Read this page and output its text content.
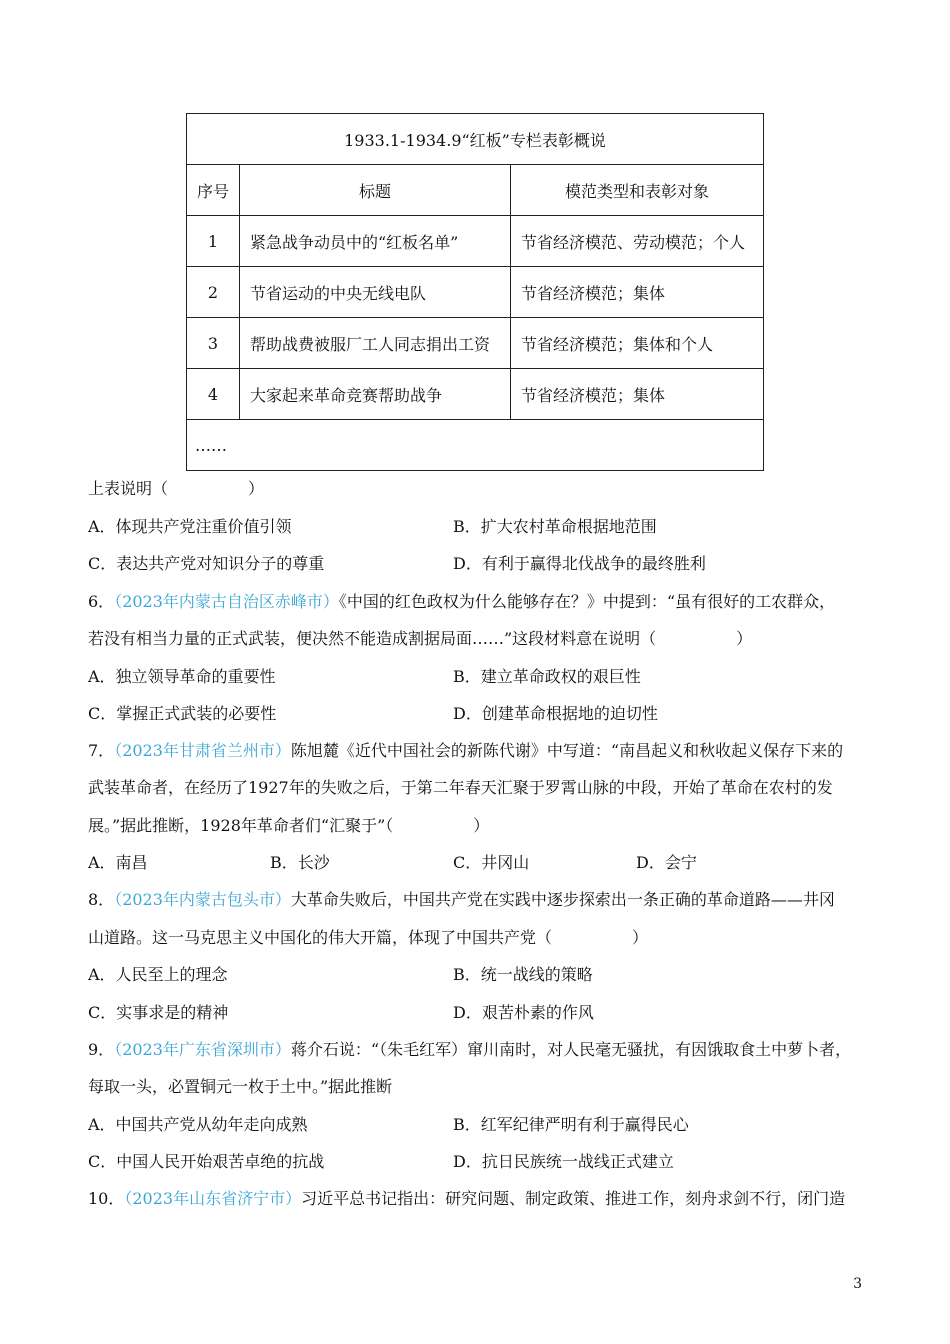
1933.1-1934.9“红板”专栏表彰概说		
序号	标题	模范类型和表彰对象
1	紧急战争动员中的“红板名单”	节省经济模范、劳动模范；个人
2	节省运动的中央无线电队	节省经济模范；集体
3	帮助战费被服厂工人同志捐出工资	节省经济模范；集体和个人
4	大家起来革命竞赛帮助战争	节省经济模范；集体
……		
上表说明（　　　　　）
A．体现共产党注重价值引领	B．扩大农村革命根据地范围
C．表达共产党对知识分子的尊重	D．有利于赢得北伐战争的最终胜利
6．（2023年内蒙古自治区赤峰市）《中国的红色政权为什么能够存在？》中提到：“虽有很好的工农群众，
若没有相当力量的正式武装，便决然不能造成割据局面……”这段材料意在说明（　　　　　）
A．独立领导革命的重要性	B．建立革命政权的艰巨性
C．掌握正式武装的必要性	D．创建革命根据地的迫切性
7．（2023年甘肃省兰州市）陈旭麓《近代中国社会的新陈代谢》中写道：“南昌起义和秋收起义保存下来的
武装革命者，在经历了1927年的失败之后，于第二年春天汇聚于罗霄山脉的中段，开始了革命在农村的发
展。”据此推断，1928年革命者们“汇聚于”（　　　　　）
A．南昌	B．长沙	C．井冈山	D．会宁
8．（2023年内蒙古包头市）大革命失败后，中国共产党在实践中逐步探索出一条正确的革命道路——井冈
山道路。这一马克思主义中国化的伟大开篇，体现了中国共产党（　　　　　）
A．人民至上的理念	B．统一战线的策略
C．实事求是的精神	D．艰苦朴素的作风
9．（2023年广东省深圳市）蒋介石说：“（朱毛红军）窜川南时，对人民毫无骚扰，有因饿取食土中萝卜者，
每取一头，必置铜元一枚于土中。”据此推断
A．中国共产党从幼年走向成熟	B．红军纪律严明有利于赢得民心
C．中国人民开始艰苦卓绝的抗战	D．抗日民族统一战线正式建立
10．（2023年山东省济宁市）习近平总书记指出：研究问题、制定政策、推进工作，刻舟求剑不行，闭门造
3
